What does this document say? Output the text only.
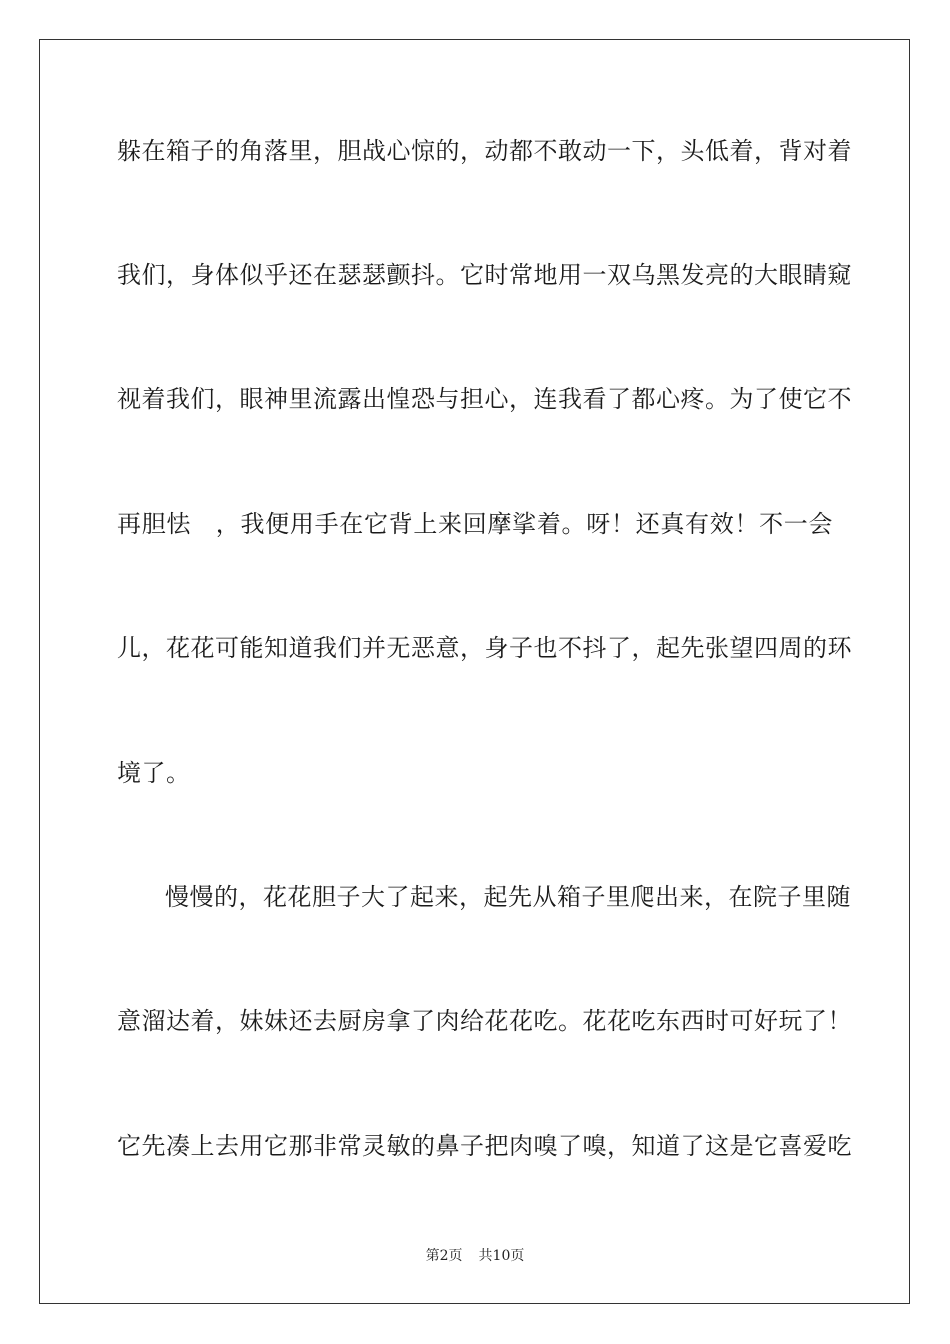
躲在箱子的角落里，胆战心惊的，动都不敢动一下，头低着，背对着
我们，身体似乎还在瑟瑟颤抖。它时常地用一双乌黑发亮的大眼睛窥
视着我们，眼神里流露出惶恐与担心，连我看了都心疼。为了使它不
再胆怯　，我便用手在它背上来回摩挲着。呀！还真有效！不一会
儿，花花可能知道我们并无恶意，身子也不抖了，起先张望四周的环
境了。
慢慢的，花花胆子大了起来，起先从箱子里爬出来，在院子里随
意溜达着，妹妹还去厨房拿了肉给花花吃。花花吃东西时可好玩了！
它先凑上去用它那非常灵敏的鼻子把肉嗅了嗅，知道了这是它喜爱吃
第2页 共10页
